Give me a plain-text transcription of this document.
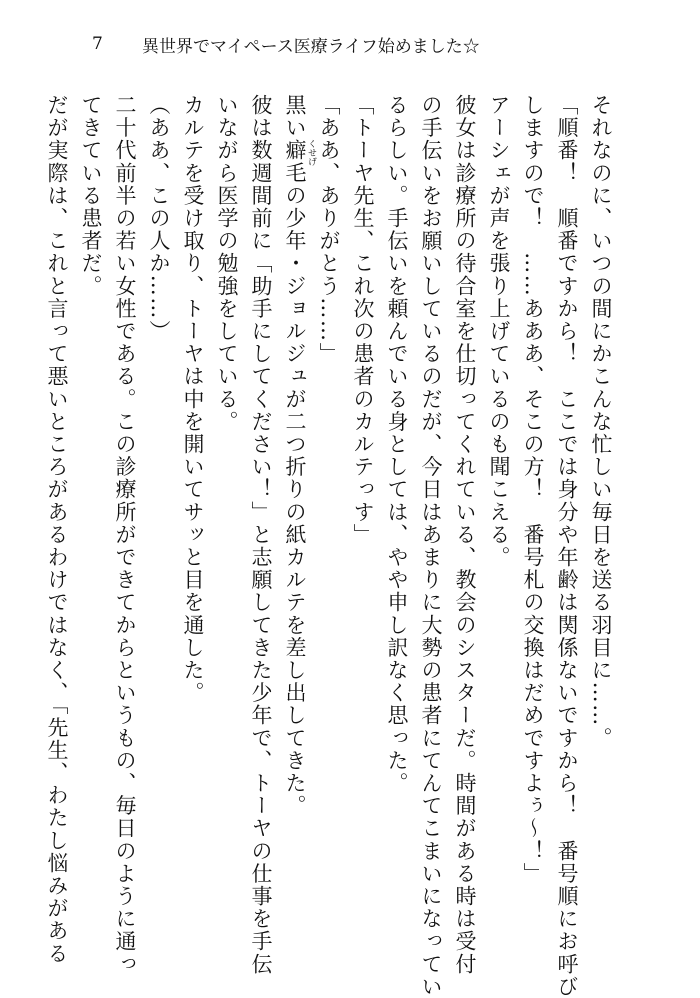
7	異世界でマイペース医療ライフ始めました☆

それなのに、いつの間にかこんな忙しい毎日を送る羽目に……。

「順番！　順番ですから！　ここでは身分や年齢は関係ないですから！　番号順にお呼び

しますので！　……あああ、そこの方！　番号札の交換はだめですよぅ～！」

アーシェが声を張り上げているのも聞こえる。

彼女は診療所の待合室を仕切ってくれている、教会のシスターだ。時間がある時は受付

の手伝いをお願いしているのだが、今日はあまりに大勢の患者にてんてこまいになってい

るらしい。手伝いを頼んでいる身としては、やや申し訳なく思った。

「トーヤ先生、これ次の患者のカルテっす」

「ああ、ありがとう……」

黒い癖毛 くせげ
の少年・ジョルジュが二つ折りの紙カルテを差し出してきた。

彼は数週間前に「助手にしてください！」と志願してきた少年で、トーヤの仕事を手伝

いながら医学の勉強をしている。

カルテを受け取り、トーヤは中を開いてサッと目を通した。

（ああ、この人か……）

二十代前半の若い女性である。この診療所ができてからというもの、毎日のように通っ

てきている患者だ。

だが実際は、これと言って悪いところがあるわけではなく、「先生、わたし悩みがある
